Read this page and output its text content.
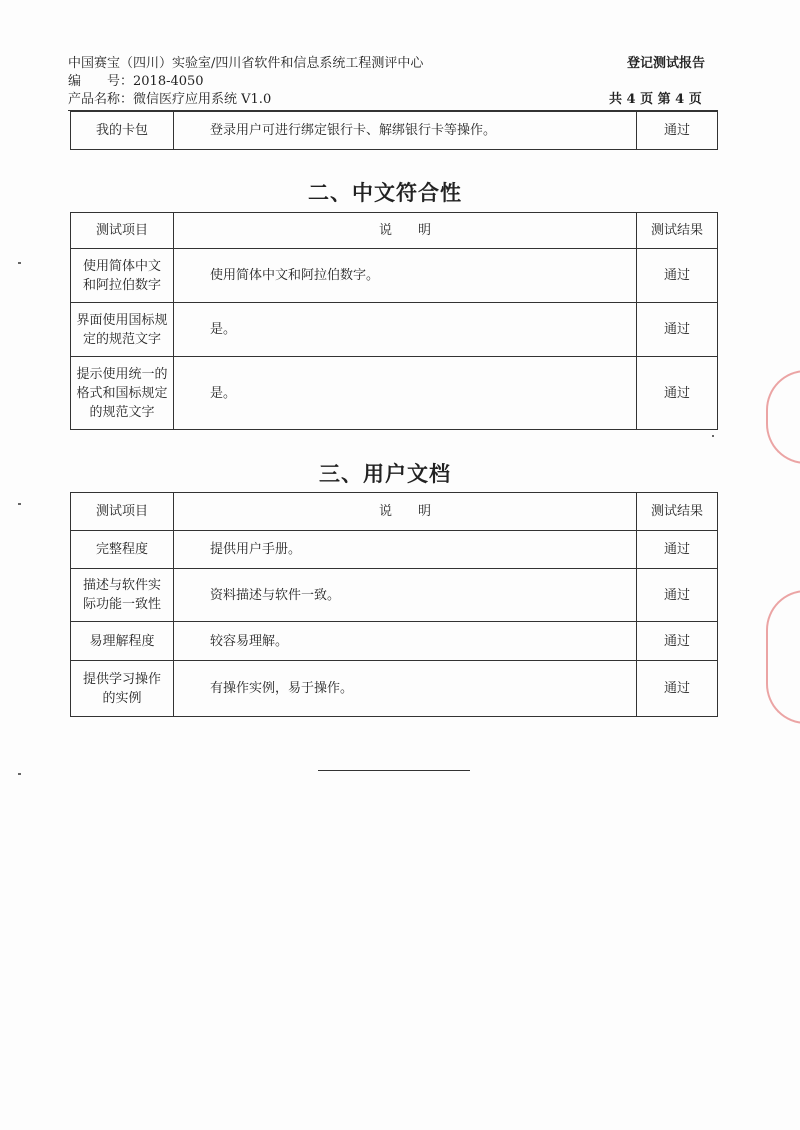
中国赛宝（四川）实验室/四川省软件和信息系统工程测评中心	登记测试报告
编　　号：2018-4050
产品名称：微信医疗应用系统 V1.0	共 4 页 第 4 页
我的卡包	登录用户可进行绑定银行卡、解绑银行卡等操作。	通过
二、中文符合性
测试项目	说　　明	测试结果

使用简体中文
和阿拉伯数字	使用简体中文和阿拉伯数字。	通过

界面使用国标规
定的规范文字	是。	通过

提示使用统一的
格式和国标规定
的规范文字	是。	通过
三、用户文档
测试项目	说　　明	测试结果

完整程度	提供用户手册。	通过

描述与软件实
际功能一致性	资料描述与软件一致。	通过

易理解程度	较容易理解。	通过

提供学习操作
的实例	有操作实例，易于操作。	通过
